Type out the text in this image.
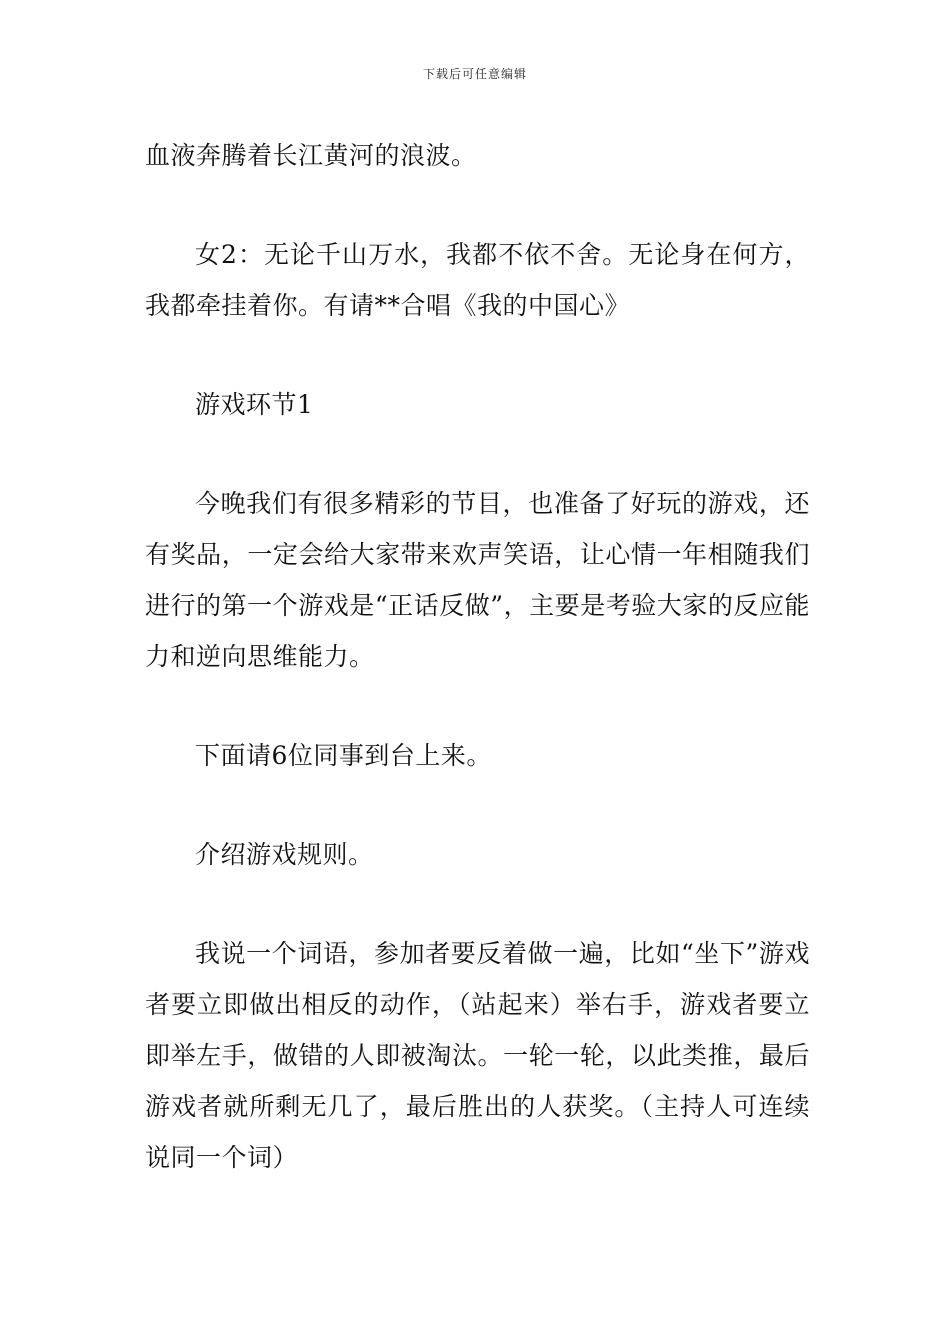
下载后可任意编辑

血液奔腾着长江黄河的浪波。

女2：无论千山万水，我都不依不舍。无论身在何方，我都牵挂着你。有请**合唱《我的中国心》

游戏环节1

今晚我们有很多精彩的节目，也准备了好玩的游戏，还有奖品，一定会给大家带来欢声笑语，让心情一年相随我们进行的第一个游戏是“正话反做”，主要是考验大家的反应能力和逆向思维能力。

下面请6位同事到台上来。

介绍游戏规则。

我说一个词语，参加者要反着做一遍，比如“坐下”游戏者要立即做出相反的动作，（站起来）举右手，游戏者要立即举左手，做错的人即被淘汰。一轮一轮，以此类推，最后游戏者就所剩无几了，最后胜出的人获奖。（主持人可连续说同一个词）
